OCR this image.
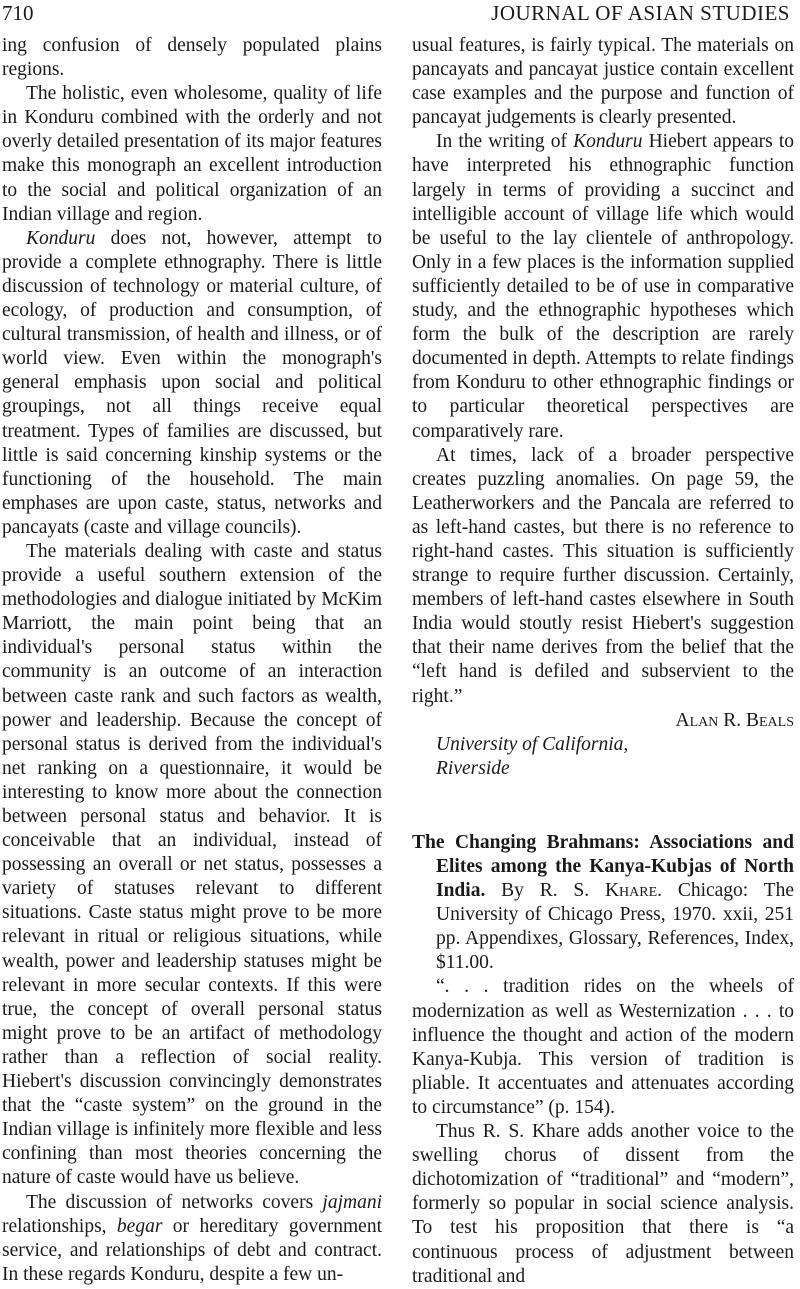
710	JOURNAL OF ASIAN STUDIES

ing confusion of densely populated plains regions.

The holistic, even wholesome, quality of life in Konduru combined with the orderly and not overly detailed presentation of its major features make this monograph an excellent introduction to the social and political organization of an Indian village and region.

Konduru does not, however, attempt to provide a complete ethnography. There is little discussion of technology or material culture, of ecology, of production and consumption, of cultural transmission, of health and illness, or of world view. Even within the monograph's general emphasis upon social and political groupings, not all things receive equal treatment. Types of families are discussed, but little is said concerning kinship systems or the functioning of the household. The main emphases are upon caste, status, networks and pancayats (caste and village councils).

The materials dealing with caste and status provide a useful southern extension of the methodologies and dialogue initiated by McKim Marriott, the main point being that an individual's personal status within the community is an outcome of an interaction between caste rank and such factors as wealth, power and leadership. Because the concept of personal status is derived from the individual's net ranking on a questionnaire, it would be interesting to know more about the connection between personal status and behavior. It is conceivable that an individual, instead of possessing an overall or net status, possesses a variety of statuses relevant to different situations. Caste status might prove to be more relevant in ritual or religious situations, while wealth, power and leadership statuses might be relevant in more secular contexts. If this were true, the concept of overall personal status might prove to be an artifact of methodology rather than a reflection of social reality. Hiebert's discussion convincingly demonstrates that the “caste system” on the ground in the Indian village is infinitely more flexible and less confining than most theories concerning the nature of caste would have us believe.

The discussion of networks covers jajmani relationships, begar or hereditary government service, and relationships of debt and contract. In these regards Konduru, despite a few un-

usual features, is fairly typical. The materials on pancayats and pancayat justice contain excellent case examples and the purpose and function of pancayat judgements is clearly presented.

In the writing of Konduru Hiebert appears to have interpreted his ethnographic function largely in terms of providing a succinct and intelligible account of village life which would be useful to the lay clientele of anthropology. Only in a few places is the information supplied sufficiently detailed to be of use in comparative study, and the ethnographic hypotheses which form the bulk of the description are rarely documented in depth. Attempts to relate findings from Konduru to other ethnographic findings or to particular theoretical perspectives are comparatively rare.

At times, lack of a broader perspective creates puzzling anomalies. On page 59, the Leatherworkers and the Pancala are referred to as left-hand castes, but there is no reference to right-hand castes. This situation is sufficiently strange to require further discussion. Certainly, members of left-hand castes elsewhere in South India would stoutly resist Hiebert's suggestion that their name derives from the belief that the “left hand is defiled and subservient to the right.”

Alan R. Beals

University of California,

Riverside

The Changing Brahmans: Associations and Elites among the Kanya-Kubjas of North India. By R. S. Khare. Chicago: The University of Chicago Press, 1970. xxii, 251 pp. Appendixes, Glossary, References, Index, $11.00.

“. . . tradition rides on the wheels of modernization as well as Westernization . . . to influence the thought and action of the modern Kanya-Kubja. This version of tradition is pliable. It accentuates and attenuates according to circumstance” (p. 154).

Thus R. S. Khare adds another voice to the swelling chorus of dissent from the dichotomization of “traditional” and “modern”, formerly so popular in social science analysis. To test his proposition that there is “a continuous process of adjustment between traditional and
